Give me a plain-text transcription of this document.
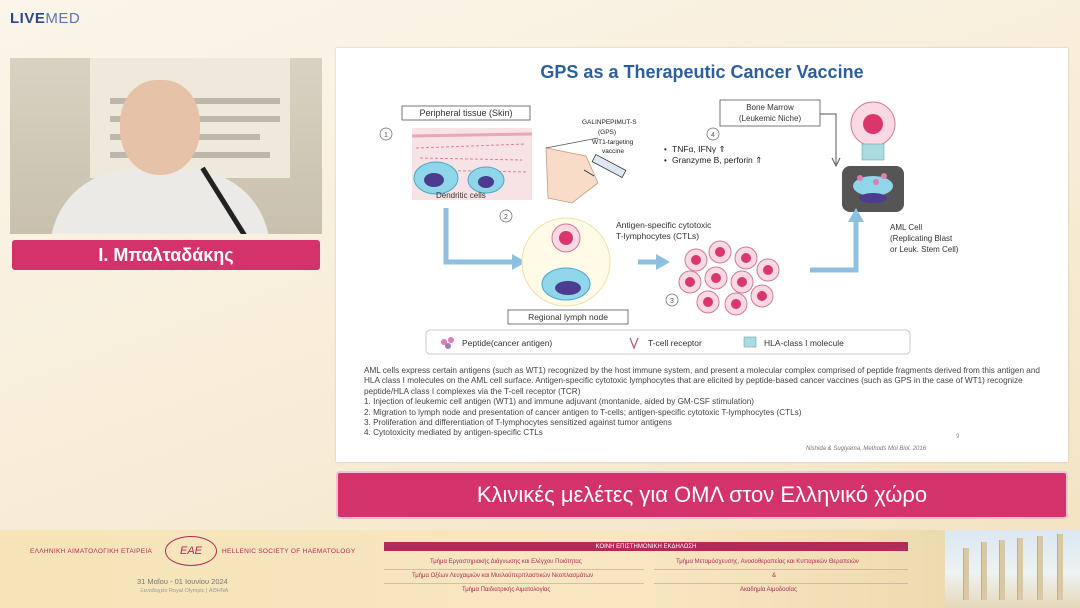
LIVEMED
Ι. Μπαλταδάκης
GPS as a Therapeutic Cancer Vaccine
Peripheral tissue (Skin)
1
Dendritic cells
GALINPEPIMUT-S
(GPS)
WT1-targeting
vaccine
4
TNFα, IFNγ ⇑
Granzyme B, perforin ⇑
•
•
Bone Marrow
(Leukemic Niche)
AML Cell
(Replicating Blast
or Leuk. Stem Cell)
2
Regional lymph node
Antigen-specific cytotoxic
T-lymphocytes (CTLs)
3
Peptide(cancer antigen)	T-cell receptor	HLA-class I molecule

AML cells express certain antigens (such as WT1) recognized by the host immune system, and present a molecular complex comprised of peptide fragments derived from this antigen and HLA class I molecules on the AML cell surface. Antigen-specific cytotoxic lymphocytes that are elicited by peptide-based cancer vaccines (such as GPS in the case of WT1) recognize peptide/HLA class I complexes via the T-cell receptor (TCR)

1. Injection of leukemic cell antigen (WT1) and immune adjuvant (montanide, aided by GM-CSF stimulation)
2. Migration to lymph node and presentation of cancer antigen to T-cells; antigen-specific cytotoxic T-lymphocytes (CTLs)
3. Proliferation and differentiation of T-lymphocytes sensitized against tumor antigens
4. Cytotoxicity mediated by antigen-specific CTLs	9
Nishida & Sugiyama, Methods Mol Biol. 2016
Κλινικές μελέτες για ΟΜΛ στον Ελληνικό χώρο
ΕΛΛΗΝΙΚΗ ΑΙΜΑΤΟΛΟΓΙΚΗ ΕΤΑΙΡΕΙΑ	ΕΑΕ	HELLENIC SOCIETY OF HAEMATOLOGY
31 Μαΐου - 01 Ιουνίου 2024
Ξενοδοχείο Royal Olympic | ΑΘΗΝΑ
ΚΟΙΝΗ ΕΠΙΣΤΗΜΟΝΙΚΗ ΕΚΔΗΛΩΣΗ
Τμήμα Εργαστηριακής Διάγνωσης και Ελέγχου Ποιότητας
Τμήμα Οξέων Λευχαιμιών και Μυελοϋπερπλαστικών Νεοπλασμάτων
Τμήμα Παιδιατρικής Αιματολογίας
Τμήμα Μεταμόσχευσης, Ανοσοθεραπείας και Κυτταρικών Θεραπειών
&
Ακαδημία Αιμοδοσίας
